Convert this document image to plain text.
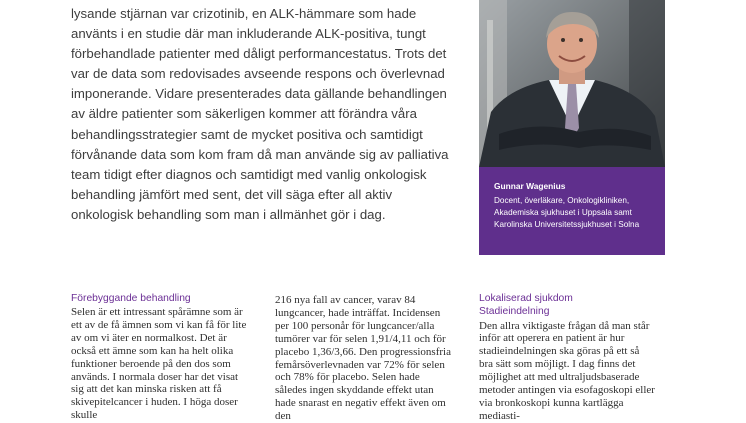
lysande stjärnan var crizotinib, en ALK-hämmare som hade använts i en studie där man inkluderande ALK-positiva, tungt förbehandlade patienter med dåligt performancestatus. Trots det var de data som redovisades avseende respons och överlevnad imponerande. Vidare presenterades data gällande behandlingen av äldre patienter som säkerligen kommer att förändra våra behandlingsstrategier samt de mycket positiva och samtidigt förvånande data som kom fram då man använde sig av palliativa team tidigt efter diagnos och samtidigt med vanlig onkologisk behandling jämfört med sent, det vill säga efter all aktiv onkologisk behandling som man i allmänhet gör i dag.

Gunnar Wagenius
Docent, överläkare, Onkologikliniken, Akademiska sjukhuset i Uppsala samt Karolinska Universitetssjukhuset i Solna
Förebyggande behandling

Selen är ett intressant spårämne som är ett av de få ämnen som vi kan få för lite av om vi äter en normalkost. Det är också ett ämne som kan ha helt olika funktioner beroende på den dos som används. I normala doser har det visat sig att det kan minska risken att få skivepitelcancer i huden. I höga doser skulle

216 nya fall av cancer, varav 84 lungcancer, hade inträffat. Incidensen per 100 personår för lungcancer/alla tumörer var för selen 1,91/4,11 och för placebo 1,36/3,66. Den progressionsfria femårsöverlevnaden var 72% för selen och 78% för placebo. Selen hade således ingen skyddande effekt utan hade snarast en negativ effekt även om den

Lokaliserad sjukdom
Stadieindelning

Den allra viktigaste frågan då man står inför att operera en patient är hur stadieindelningen ska göras på ett så bra sätt som möjligt. I dag finns det möjlighet att med ultraljudsbaserade metoder antingen via esofagoskopi eller via bronkoskopi kunna kartlägga mediasti-
